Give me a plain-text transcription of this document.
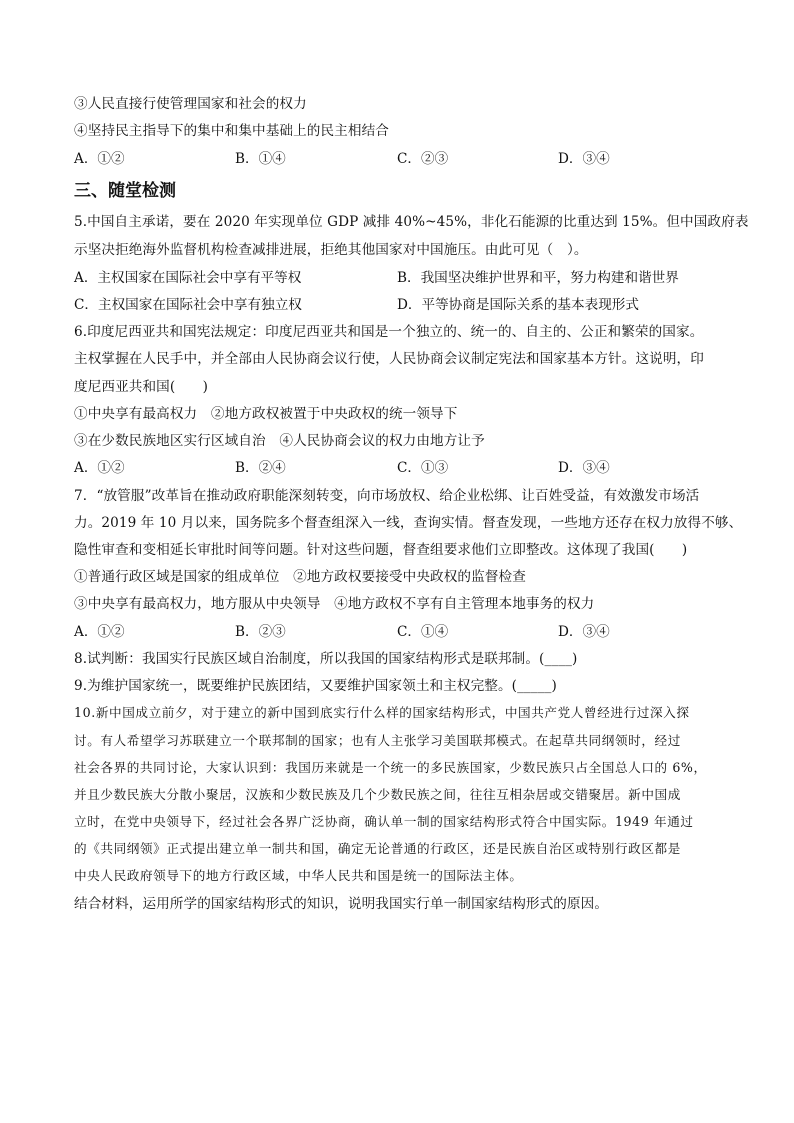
③人民直接行使管理国家和社会的权力
④坚持民主指导下的集中和集中基础上的民主相结合
A．①②	B．①④	C．②③	D．③④
三、随堂检测
5.中国自主承诺，要在 2020 年实现单位 GDP 减排 40%~45%，非化石能源的比重达到 15%。但中国政府表
示坚决拒绝海外监督机构检查减排进展，拒绝其他国家对中国施压。由此可见（　）。
A．主权国家在国际社会中享有平等权	B．我国坚决维护世界和平，努力构建和谐世界
C．主权国家在国际社会中享有独立权	D．平等协商是国际关系的基本表现形式
6.印度尼西亚共和国宪法规定：印度尼西亚共和国是一个独立的、统一的、自主的、公正和繁荣的国家。
主权掌握在人民手中，并全部由人民协商会议行使，人民协商会议制定宪法和国家基本方针。这说明，印
度尼西亚共和国(　　)
①中央享有最高权力　②地方政权被置于中央政权的统一领导下
③在少数民族地区实行区域自治　④人民协商会议的权力由地方让予
A．①②	B．②④	C．①③	D．③④
7．“放管服”改革旨在推动政府职能深刻转变，向市场放权、给企业松绑、让百姓受益，有效激发市场活
力。2019 年 10 月以来，国务院多个督查组深入一线，查询实情。督查发现，一些地方还存在权力放得不够、
隐性审查和变相延长审批时间等问题。针对这些问题，督查组要求他们立即整改。这体现了我国(　　)
①普通行政区域是国家的组成单位　②地方政权要接受中央政权的监督检查
③中央享有最高权力，地方服从中央领导　④地方政权不享有自主管理本地事务的权力
A．①②	B．②③	C．①④	D．③④
8.试判断：我国实行民族区域自治制度，所以我国的国家结构形式是联邦制。(____)
9.为维护国家统一，既要维护民族团结，又要维护国家领土和主权完整。(_____)
10.新中国成立前夕，对于建立的新中国到底实行什么样的国家结构形式，中国共产党人曾经进行过深入探
讨。有人希望学习苏联建立一个联邦制的国家；也有人主张学习美国联邦模式。在起草共同纲领时，经过
社会各界的共同讨论，大家认识到：我国历来就是一个统一的多民族国家，少数民族只占全国总人口的 6%，
并且少数民族大分散小聚居，汉族和少数民族及几个少数民族之间，往往互相杂居或交错聚居。新中国成
立时，在党中央领导下，经过社会各界广泛协商，确认单一制的国家结构形式符合中国实际。1949 年通过
的《共同纲领》正式提出建立单一制共和国，确定无论普通的行政区，还是民族自治区或特别行政区都是
中央人民政府领导下的地方行政区域，中华人民共和国是统一的国际法主体。
结合材料，运用所学的国家结构形式的知识，说明我国实行单一制国家结构形式的原因。
